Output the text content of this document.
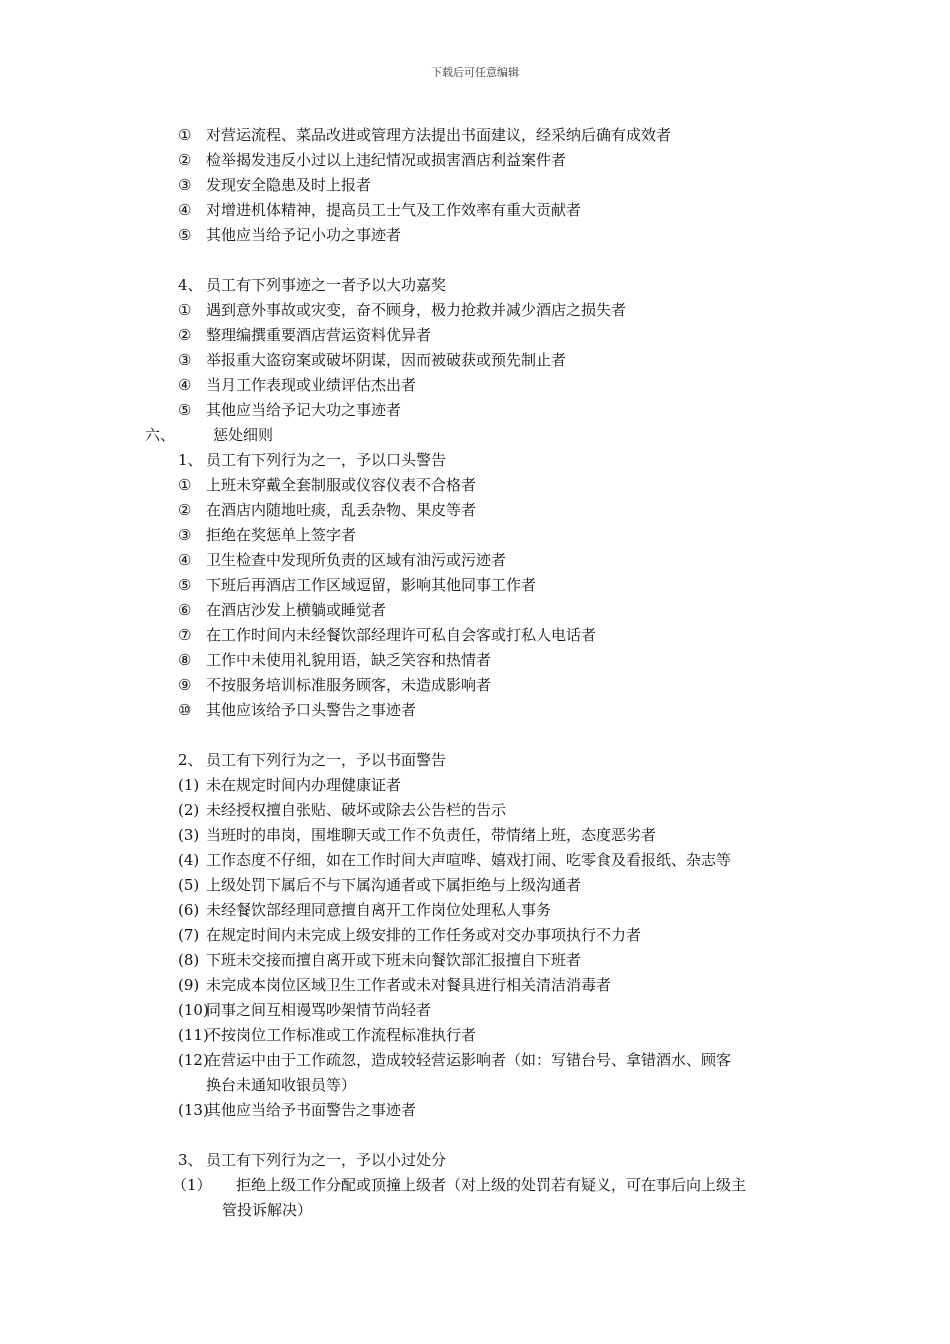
下载后可任意编辑
① 对营运流程、菜品改进或管理方法提出书面建议，经采纳后确有成效者
② 检举揭发违反小过以上违纪情况或损害酒店利益案件者
③ 发现安全隐患及时上报者
④ 对增进机体精神，提高员工士气及工作效率有重大贡献者
⑤ 其他应当给予记小功之事迹者
4、 员工有下列事迹之一者予以大功嘉奖
① 遇到意外事故或灾变，奋不顾身，极力抢救并减少酒店之损失者
② 整理编撰重要酒店营运资料优异者
③ 举报重大盗窃案或破坏阴谋，因而被破获或预先制止者
④ 当月工作表现或业绩评估杰出者
⑤ 其他应当给予记大功之事迹者
六、	惩处细则
1、 员工有下列行为之一，予以口头警告
① 上班未穿戴全套制服或仪容仪表不合格者
② 在酒店内随地吐痰，乱丢杂物、果皮等者
③ 拒绝在奖惩单上签字者
④ 卫生检查中发现所负责的区域有油污或污迹者
⑤ 下班后再酒店工作区域逗留，影响其他同事工作者
⑥ 在酒店沙发上横躺或睡觉者
⑦ 在工作时间内未经餐饮部经理许可私自会客或打私人电话者
⑧ 工作中未使用礼貌用语，缺乏笑容和热情者
⑨ 不按服务培训标准服务顾客，未造成影响者
⑩ 其他应该给予口头警告之事迹者
2、 员工有下列行为之一，予以书面警告
(1) 未在规定时间内办理健康证者
(2) 未经授权擅自张贴、破坏或除去公告栏的告示
(3) 当班时的串岗，围堆聊天或工作不负责任，带情绪上班，态度恶劣者
(4) 工作态度不仔细，如在工作时间大声喧哗、嬉戏打闹、吃零食及看报纸、杂志等
(5) 上级处罚下属后不与下属沟通者或下属拒绝与上级沟通者
(6) 未经餐饮部经理同意擅自离开工作岗位处理私人事务
(7) 在规定时间内未完成上级安排的工作任务或对交办事项执行不力者
(8) 下班未交接而擅自离开或下班未向餐饮部汇报擅自下班者
(9) 未完成本岗位区域卫生工作者或未对餐具进行相关清洁消毒者
(10)
同事之间互相谩骂吵架情节尚轻者
(11)
不按岗位工作标准或工作流程标准执行者
(12)
在营运中由于工作疏忽，造成较轻营运影响者（如：写错台号、拿错酒水、顾客
换台未通知收银员等）
(13)
其他应当给予书面警告之事迹者
3、 员工有下列行为之一，予以小过处分
（1） 拒绝上级工作分配或顶撞上级者（对上级的处罚若有疑义，可在事后向上级主
管投诉解决）
